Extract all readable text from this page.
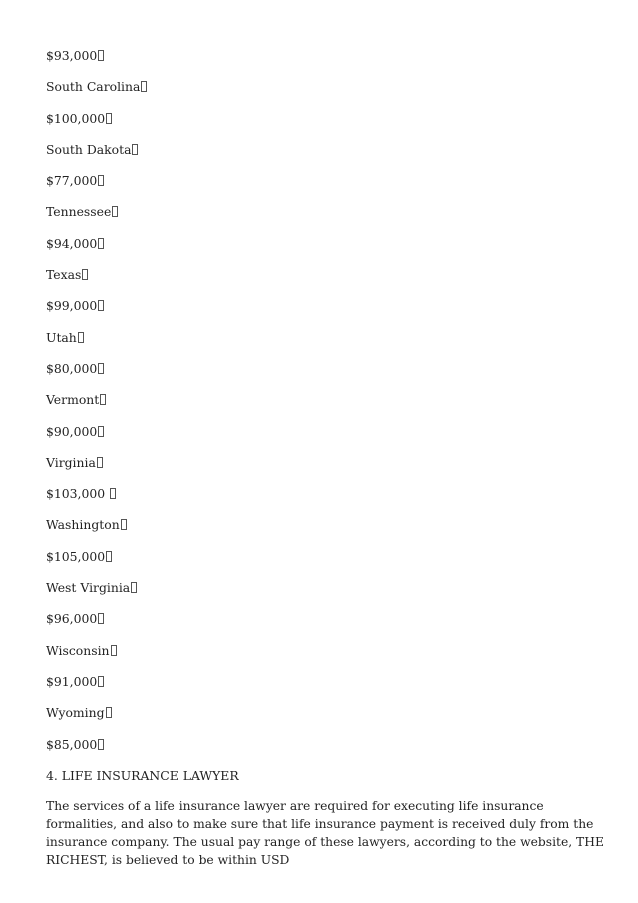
$93,000
South Carolina
$100,000
South Dakota
$77,000
Tennessee
$94,000
Texas
$99,000
Utah
$80,000
Vermont
$90,000
Virginia
$103,000
Washington
$105,000
West Virginia
$96,000
Wisconsin
$91,000
Wyoming
$85,000
4. LIFE INSURANCE LAWYER

The services of a life insurance lawyer are required for executing life insurance formalities, and also to make sure that life insurance payment is received duly from the insurance company. The usual pay range of these lawyers, according to the website, THE RICHEST, is believed to be within USD
